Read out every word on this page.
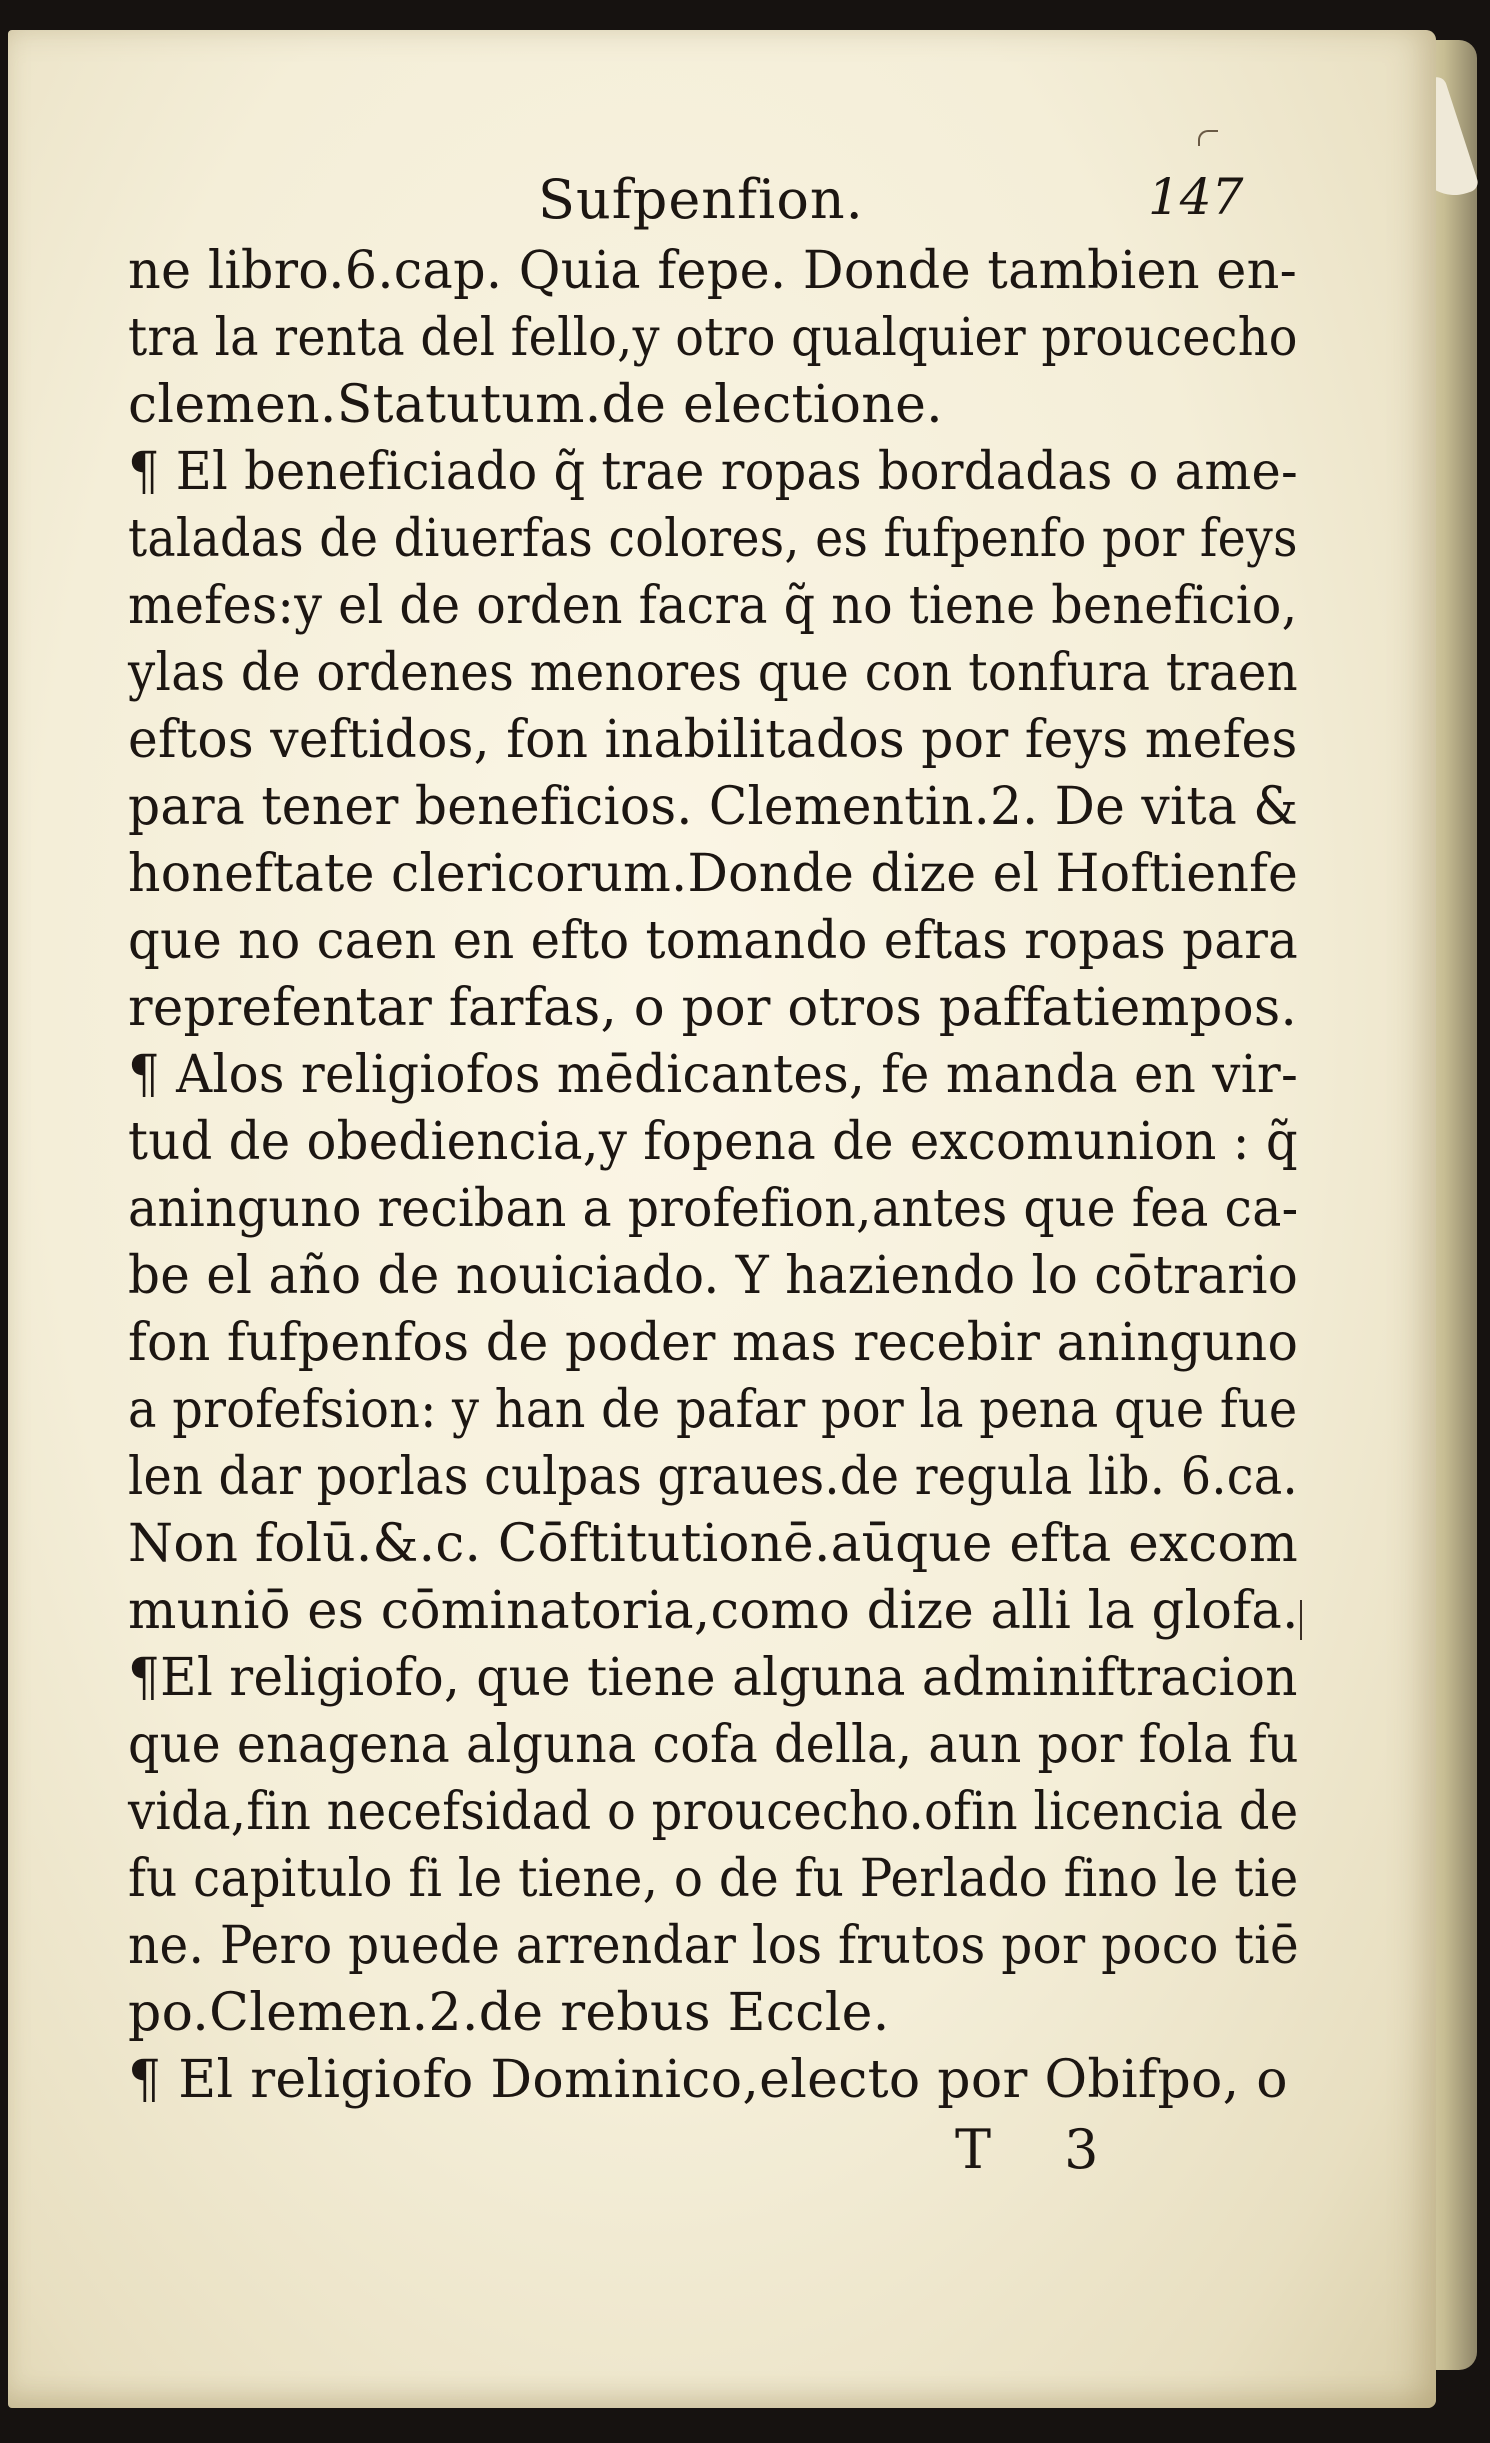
Sufpenfion.	147
ne libro.6.cap. Quia fepe. Donde tambien en-
tra la renta del fello,y otro qualquier proucecho
clemen.Statutum.de electione.
¶ El beneficiado q̃ trae ropas bordadas o ame-
taladas de diuerfas colores, es fufpenfo por feys
mefes:y el de orden facra q̃ no tiene beneficio,
ylas de ordenes menores que con tonfura traen
eftos veftidos, fon inabilitados por feys mefes
para tener beneficios. Clementin.2. De vita &
honeftate clericorum.Donde dize el Hoftienfe
que no caen en efto tomando eftas ropas para
reprefentar farfas, o por otros paffatiempos.
¶ Alos religiofos mēdicantes, fe manda en vir-
tud de obediencia,y fopena de excomunion : q̃
aninguno reciban a profefion,antes que fea ca-
be el año de nouiciado. Y haziendo lo cōtrario
fon fufpenfos de poder mas recebir aninguno
a profefsion: y han de pafar por la pena que fue
len dar porlas culpas graues.de regula lib. 6.ca.
Non folū.&.c. Cōftitutionē.aūque efta excom
muniō es cōminatoria,como dize alli la glofa.
¶El religiofo, que tiene alguna adminiftracion
que enagena alguna cofa della, aun por fola fu
vida,fin necefsidad o proucecho.ofin licencia de
fu capitulo fi le tiene, o de fu Perlado fino le tie
ne. Pero puede arrendar los frutos por poco tiē
po.Clemen.2.de rebus Eccle.
¶ El religiofo Dominico,electo por Obifpo, o
T 3
